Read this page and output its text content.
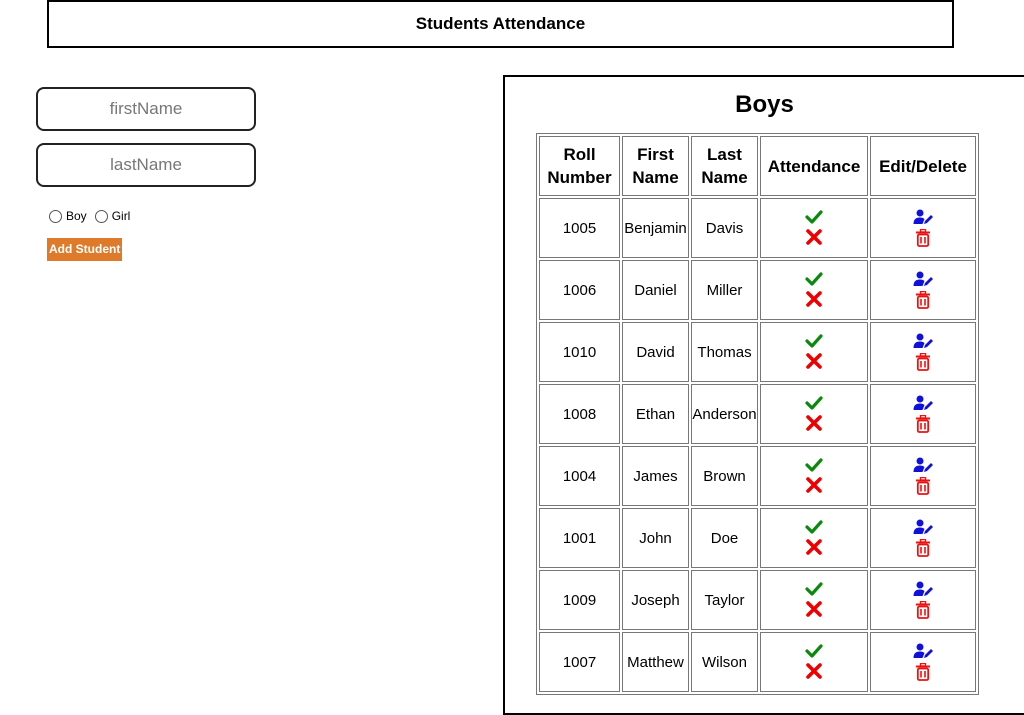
Students Attendance
firstName
lastName
Boy Girl
Add Student
Boys
Roll Number	First Name	Last Name	Attendance	Edit/Delete
1005	Benjamin	Davis	

1006	Daniel	Miller	

1010	David	Thomas	

1008	Ethan	Anderson	

1004	James	Brown	

1001	John	Doe	

1009	Joseph	Taylor	

1007	Matthew	Wilson	
